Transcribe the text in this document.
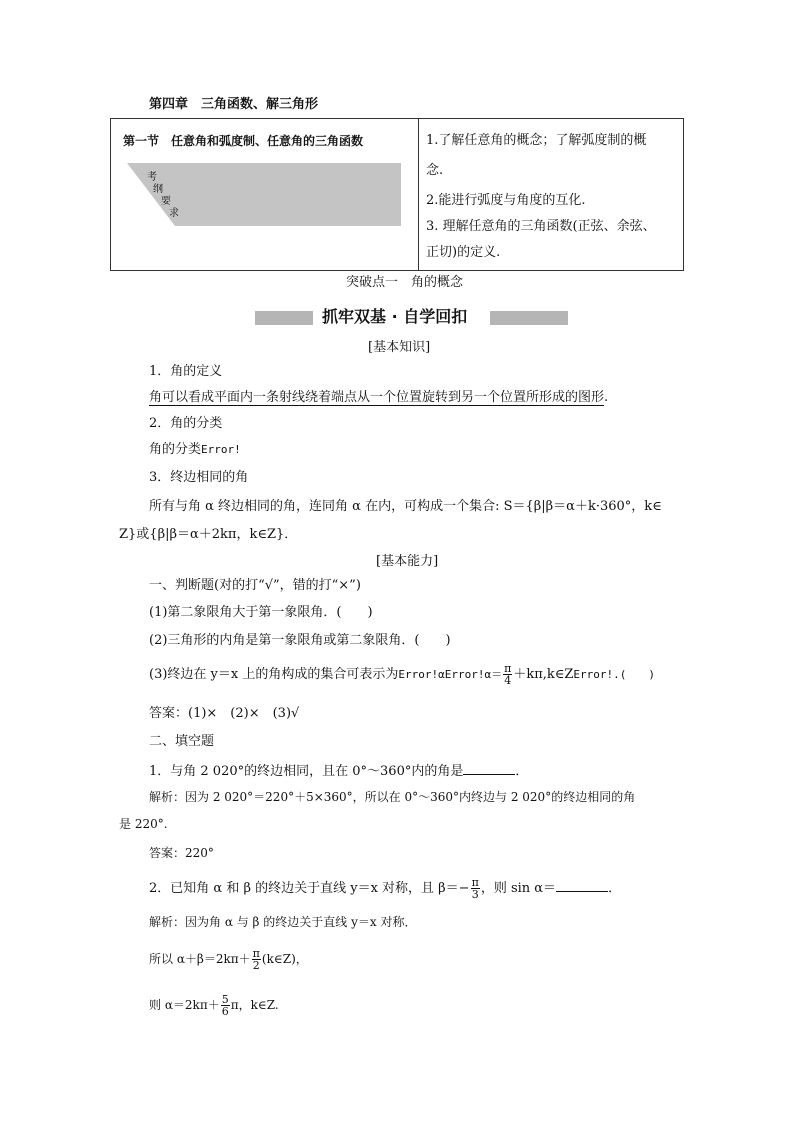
第四章　三角函数、解三角形
第一节　任意角和弧度制、任意角的三角函数
考
纲
要
求
1.了解任意角的概念；了解弧度制的概
念.
2.能进行弧度与角度的互化.
3. 理解任意角的三角函数(正弦、余弦、
正切)的定义.
突破点一　角的概念
抓牢双基 · 自学回扣
[基本知识]
1．角的定义
角可以看成平面内一条射线绕着端点从一个位置旋转到另一个位置所形成的图形.
2．角的分类
角的分类Error!
3．终边相同的角
所有与角 α 终边相同的角，连同角 α 在内，可构成一个集合: S＝{β|β＝α＋k·360°，k∈
Z}或{β|β＝α＋2kπ，k∈Z}．
[基本能力]
一、判断题(对的打“√”，错的打“×”)
(1)第二象限角大于第一象限角．(　　)
(2)三角形的内角是第一象限角或第二象限角．(　　)
(3)终边在 y＝x 上的角构成的集合可表示为Error!αError!α＝ $\frac{\pi}{4}$ ＋kπ,k∈ZError!.(　　)
答案：(1)×　(2)×　(3)√
二、填空题
1．与角 2 020°的终边相同，且在 0°～360°内的角是	．
解析：因为 2 020°＝220°＋5×360°，所以在 0°～360°内终边与 2 020°的终边相同的角
是 220°.
答案：220°
2．已知角 α 和 β 的终边关于直线 y＝x 对称，且 $\beta=- \frac{\pi}{3}$ ，则 sin α＝	．
解析：因为角 α 与 β 的终边关于直线 y＝x 对称．
所以 $\alpha+\beta=2k\pi+ \frac{\pi}{2}$ (k∈Z)，
则 $\alpha=2k\pi+ \frac{5}{6}$ π，k∈Z.
